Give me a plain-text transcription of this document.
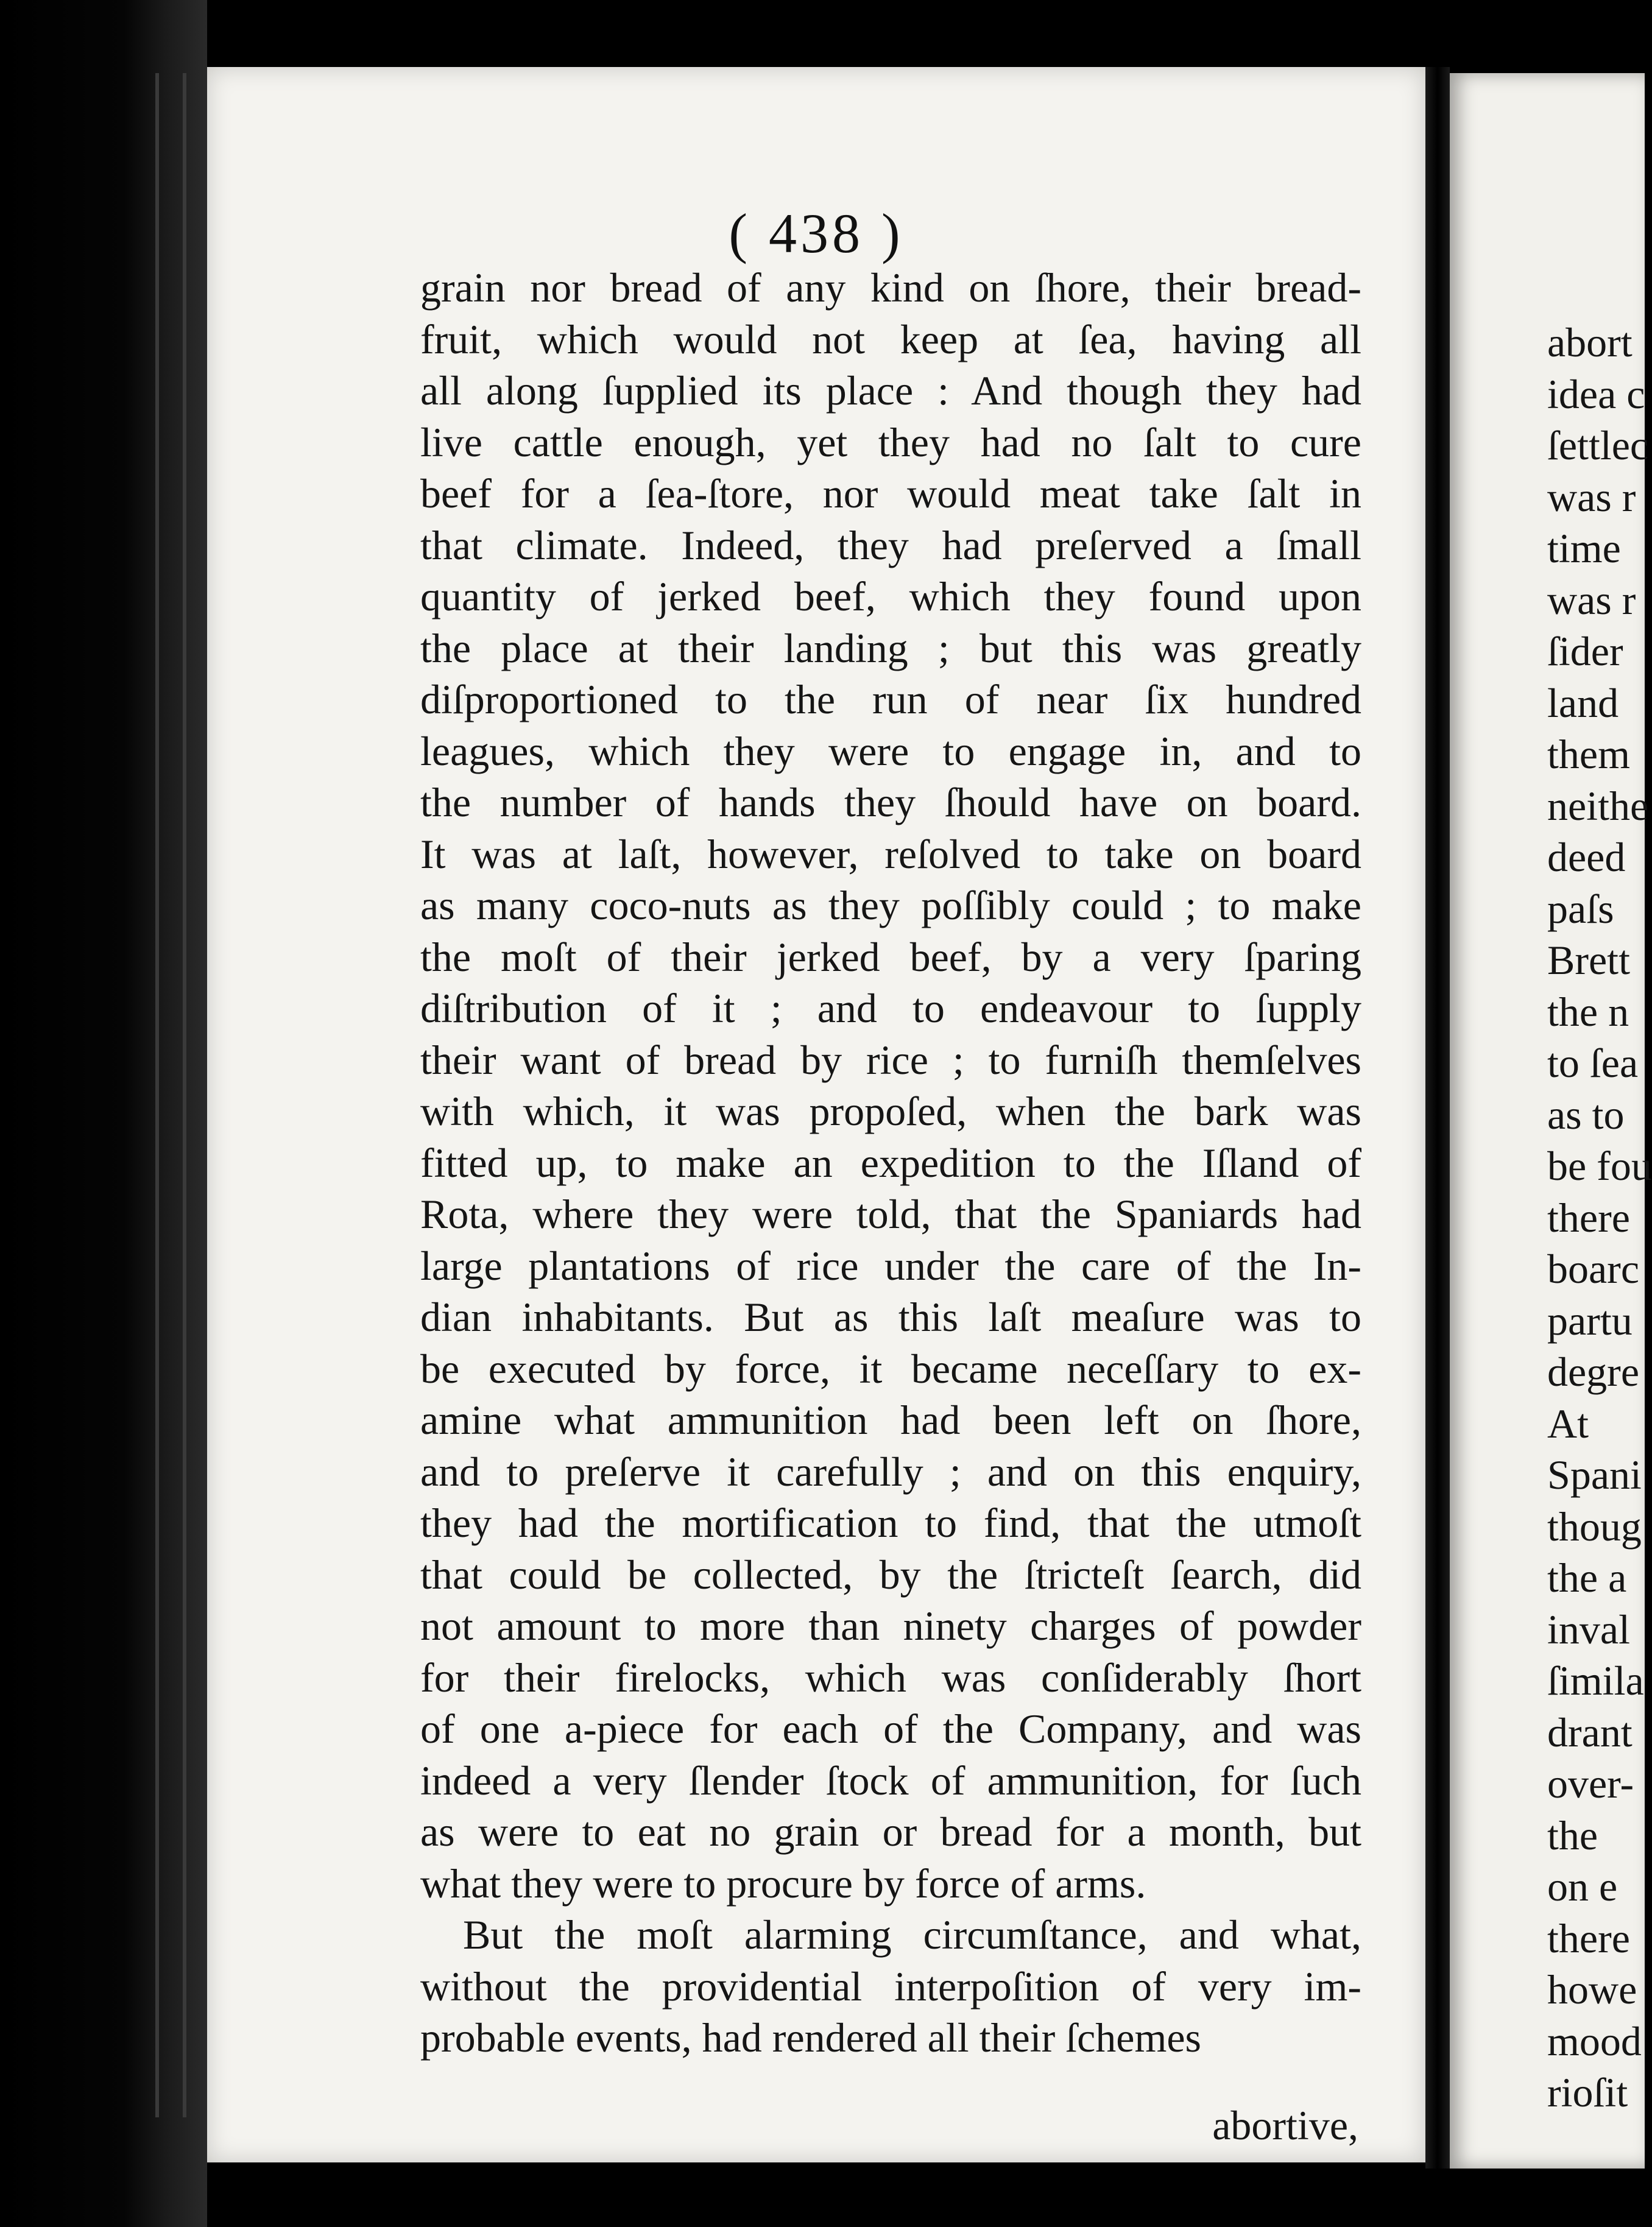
( 438 )
grain nor bread of any kind on ſhore, their bread-
fruit, which would not keep at ſea, having all
all along ſupplied its place : And though they had
live cattle enough, yet they had no ſalt to cure
beef for a ſea-ſtore, nor would meat take ſalt in
that climate. Indeed, they had preſerved a ſmall
quantity of jerked beef, which they found upon
the place at their landing ; but this was greatly
diſproportioned to the run of near ſix hundred
leagues, which they were to engage in, and to
the number of hands they ſhould have on board.
It was at laſt, however, reſolved to take on board
as many coco-nuts as they poſſibly could ; to make
the moſt of their jerked beef, by a very ſparing
diſtribution of it ; and to endeavour to ſupply
their want of bread by rice ; to furniſh themſelves
with which, it was propoſed, when the bark was
fitted up, to make an expedition to the Iſland of
Rota, where they were told, that the Spaniards had
large plantations of rice under the care of the In-
dian inhabitants. But as this laſt meaſure was to
be executed by force, it became neceſſary to ex-
amine what ammunition had been left on ſhore,
and to preſerve it carefully ; and on this enquiry,
they had the mortification to find, that the utmoſt
that could be collected, by the ſtricteſt ſearch, did
not amount to more than ninety charges of powder
for their firelocks, which was conſiderably ſhort
of one a-piece for each of the Company, and was
indeed a very ſlender ſtock of ammunition, for ſuch
as were to eat no grain or bread for a month, but
what they were to procure by force of arms.
But the moſt alarming circumſtance, and what,
without the providential interpoſition of very im-
probable events, had rendered all their ſchemes
abortive,
abort
idea c
ſettlec
was r
time
was r
ſider
land
them
neithe
deed
paſs
Brett
the n
to ſea
as to
be fou
there
boarc
partu
degre
At
Spani
thoug
the a
inval
ſimila
drant
over-
the
on e
there
howe
mood
rioſit
